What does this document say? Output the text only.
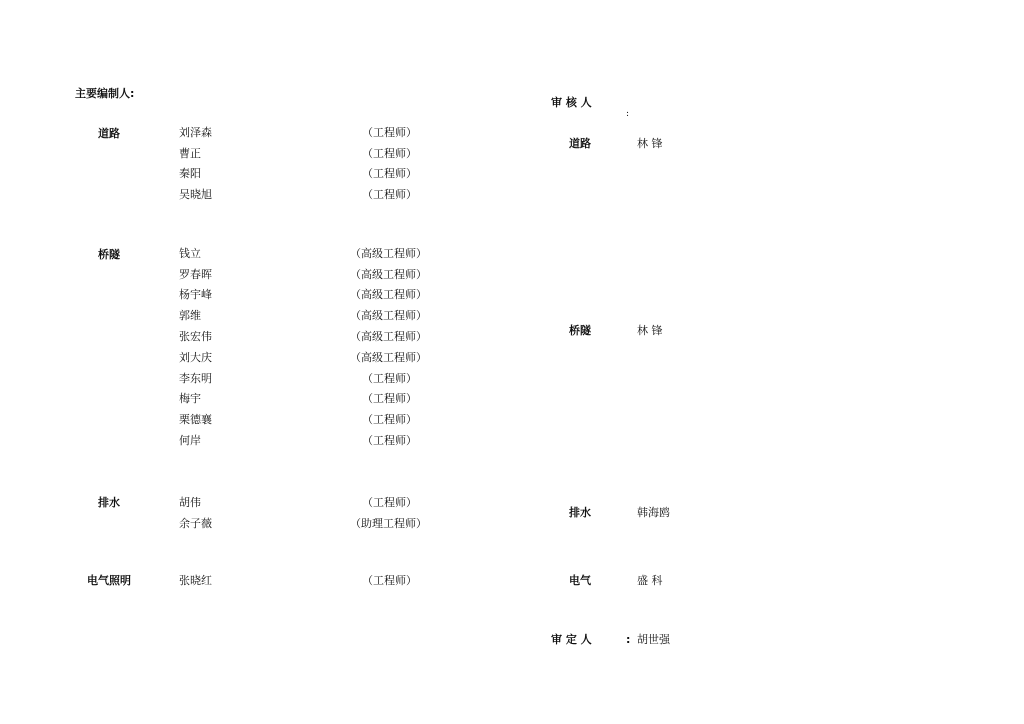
主要编制人:
道路	刘泽森	（工程师）
曹正	（工程师）
秦阳	（工程师）
吴晓旭	（工程师）
桥隧	钱立	（高级工程师）
罗春晖	（高级工程师）
杨宇峰	（高级工程师）
郭维	（高级工程师）
张宏伟	（高级工程师）
刘大庆	（高级工程师）
李东明	（工程师）
梅宇	（工程师）
栗德襄	（工程师）
何岸	（工程师）
排水	胡伟	（工程师）
余子薇	（助理工程师）
电气照明	张晓红	（工程师）
审 核 人
:
道路	林 锋
桥隧	林 锋
排水	韩海鸥
电气	盛 科
审 定 人	: 胡世强
